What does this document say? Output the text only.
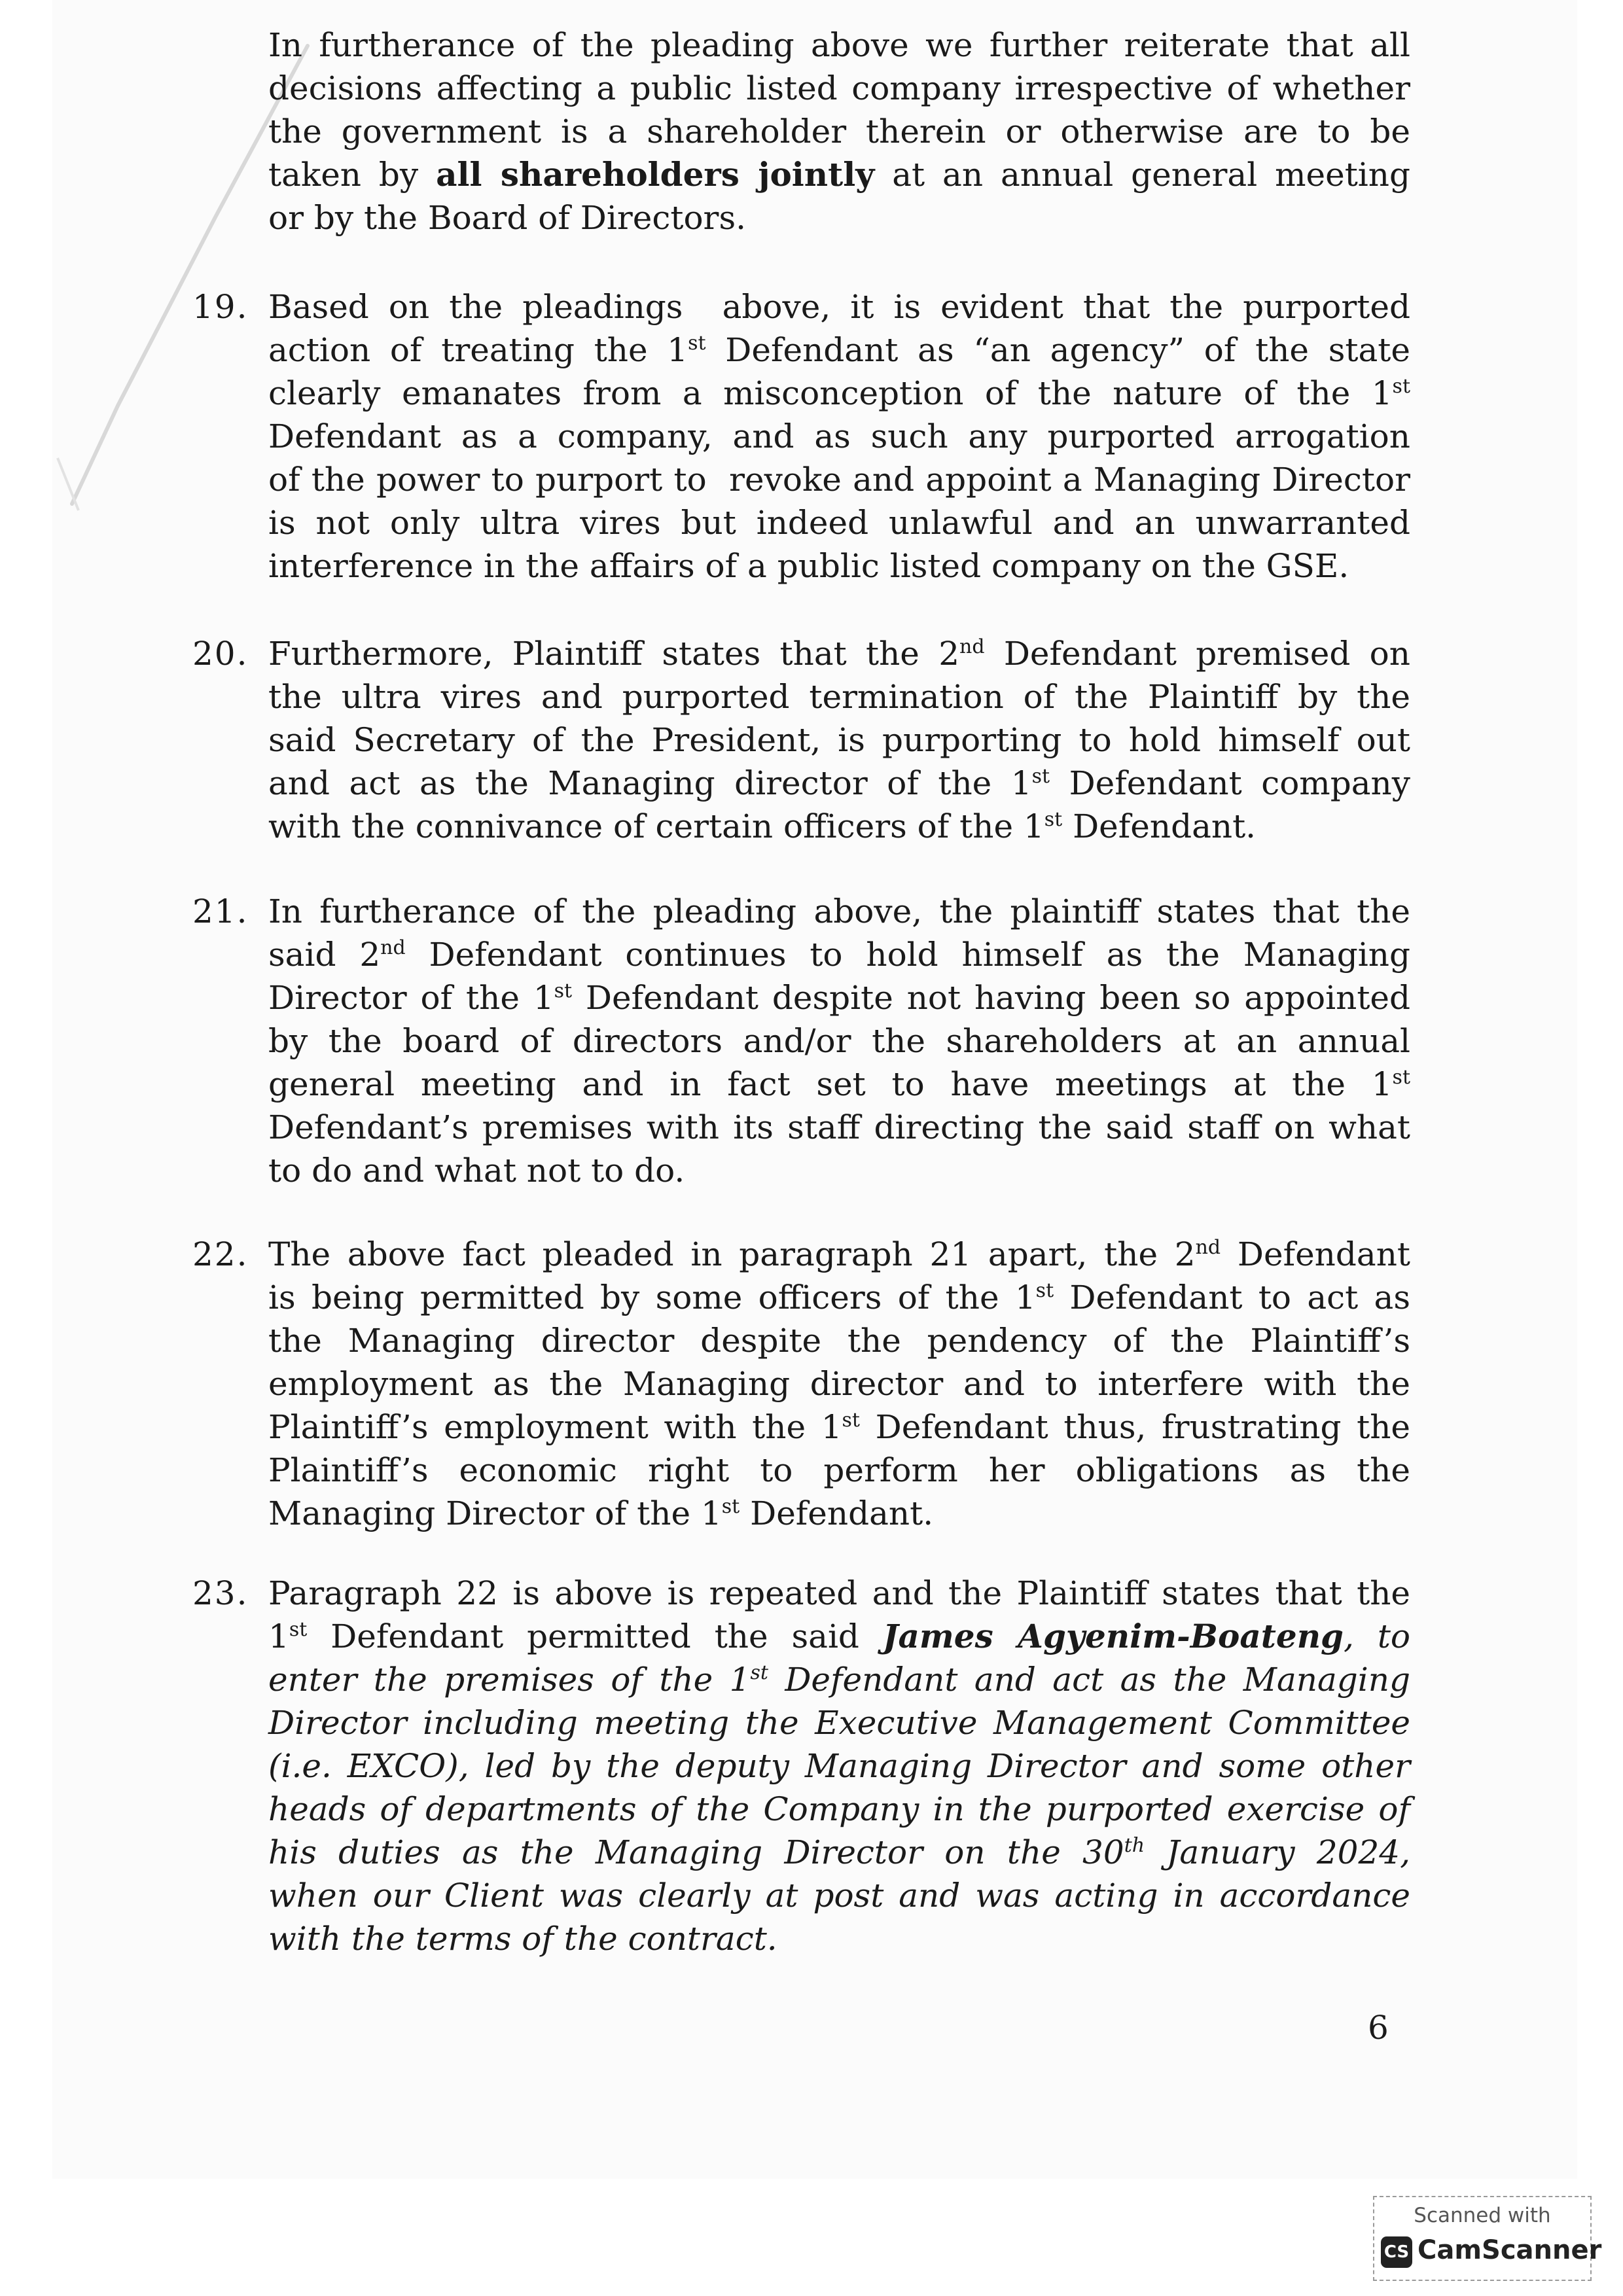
In furtherance of the pleading above we further reiterate that all
decisions affecting a public listed company irrespective of whether
the government is a shareholder therein or otherwise are to be
taken by all shareholders jointly at an annual general meeting
or by the Board of Directors.
19. Based on the pleadings  above, it is evident that the purported
action of treating the 1st Defendant as “an agency” of the state
clearly emanates from a misconception of the nature of the 1st
Defendant as a company, and as such any purported arrogation
of the power to purport to  revoke and appoint a Managing Director
is not only ultra vires but indeed unlawful and an unwarranted
interference in the affairs of a public listed company on the GSE.
20. Furthermore, Plaintiff states that the 2nd Defendant premised on
the ultra vires and purported termination of the Plaintiff by the
said Secretary of the President, is purporting to hold himself out
and act as the Managing director of the 1st Defendant company
with the connivance of certain officers of the 1st Defendant.
21. In furtherance of the pleading above, the plaintiff states that the
said 2nd Defendant continues to hold himself as the Managing
Director of the 1st Defendant despite not having been so appointed
by the board of directors and/or the shareholders at an annual
general meeting and in fact set to have meetings at the 1st
Defendant’s premises with its staff directing the said staff on what
to do and what not to do.
22. The above fact pleaded in paragraph 21 apart, the 2nd Defendant
is being permitted by some officers of the 1st Defendant to act as
the Managing director despite the pendency of the Plaintiff’s
employment as the Managing director and to interfere with the
Plaintiff’s employment with the 1st Defendant thus, frustrating the
Plaintiff’s economic right to perform her obligations as the
Managing Director of the 1st Defendant.
23. Paragraph 22 is above is repeated and the Plaintiff states that the
1st Defendant permitted the said James Agyenim-Boateng, to
enter the premises of the 1st Defendant and act as the Managing
Director including meeting the Executive Management Committee
(i.e. EXCO), led by the deputy Managing Director and some other
heads of departments of the Company in the purported exercise of
his duties as the Managing Director on the 30th January 2024,
when our Client was clearly at post and was acting in accordance
with the terms of the contract.
6
Scanned with
CS CamScanner
